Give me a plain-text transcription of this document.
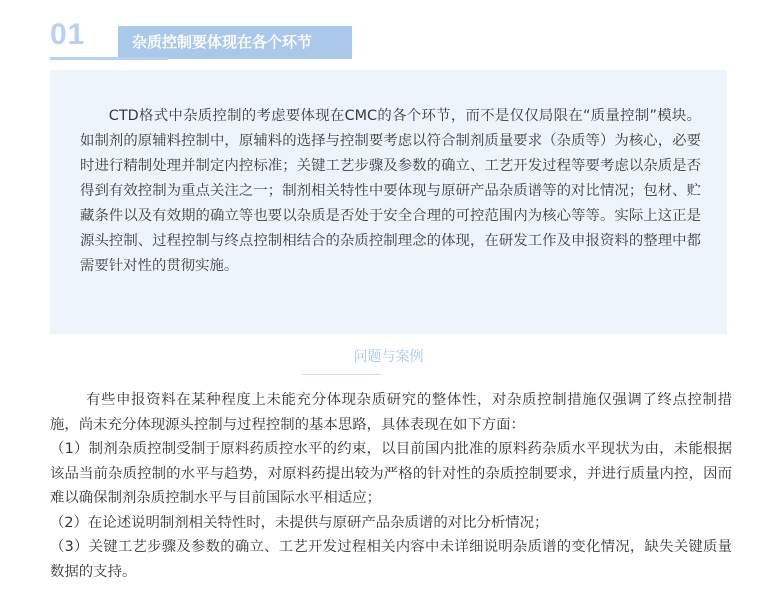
01	杂质控制要体现在各个环节

CTD格式中杂质控制的考虑要体现在CMC的各个环节，而不是仅仅局限在“质量控制”模块。如制剂的原辅料控制中，原辅料的选择与控制要考虑以符合制剂质量要求（杂质等）为核心，必要时进行精制处理并制定内控标准；关键工艺步骤及参数的确立、工艺开发过程等要考虑以杂质是否得到有效控制为重点关注之一；制剂相关特性中要体现与原研产品杂质谱等的对比情况；包材、贮藏条件以及有效期的确立等也要以杂质是否处于安全合理的可控范围内为核心等等。实际上这正是源头控制、过程控制与终点控制相结合的杂质控制理念的体现，在研发工作及申报资料的整理中都需要针对性的贯彻实施。

问题与案例

有些申报资料在某种程度上未能充分体现杂质研究的整体性，对杂质控制措施仅强调了终点控制措施，尚未充分体现源头控制与过程控制的基本思路，具体表现在如下方面：

（1）制剂杂质控制受制于原料药质控水平的约束，以目前国内批准的原料药杂质水平现状为由，未能根据该品当前杂质控制的水平与趋势，对原料药提出较为严格的针对性的杂质控制要求，并进行质量内控，因而难以确保制剂杂质控制水平与目前国际水平相适应；

（2）在论述说明制剂相关特性时，未提供与原研产品杂质谱的对比分析情况；

（3）关键工艺步骤及参数的确立、工艺开发过程相关内容中未详细说明杂质谱的变化情况，缺失关键质量数据的支持。
